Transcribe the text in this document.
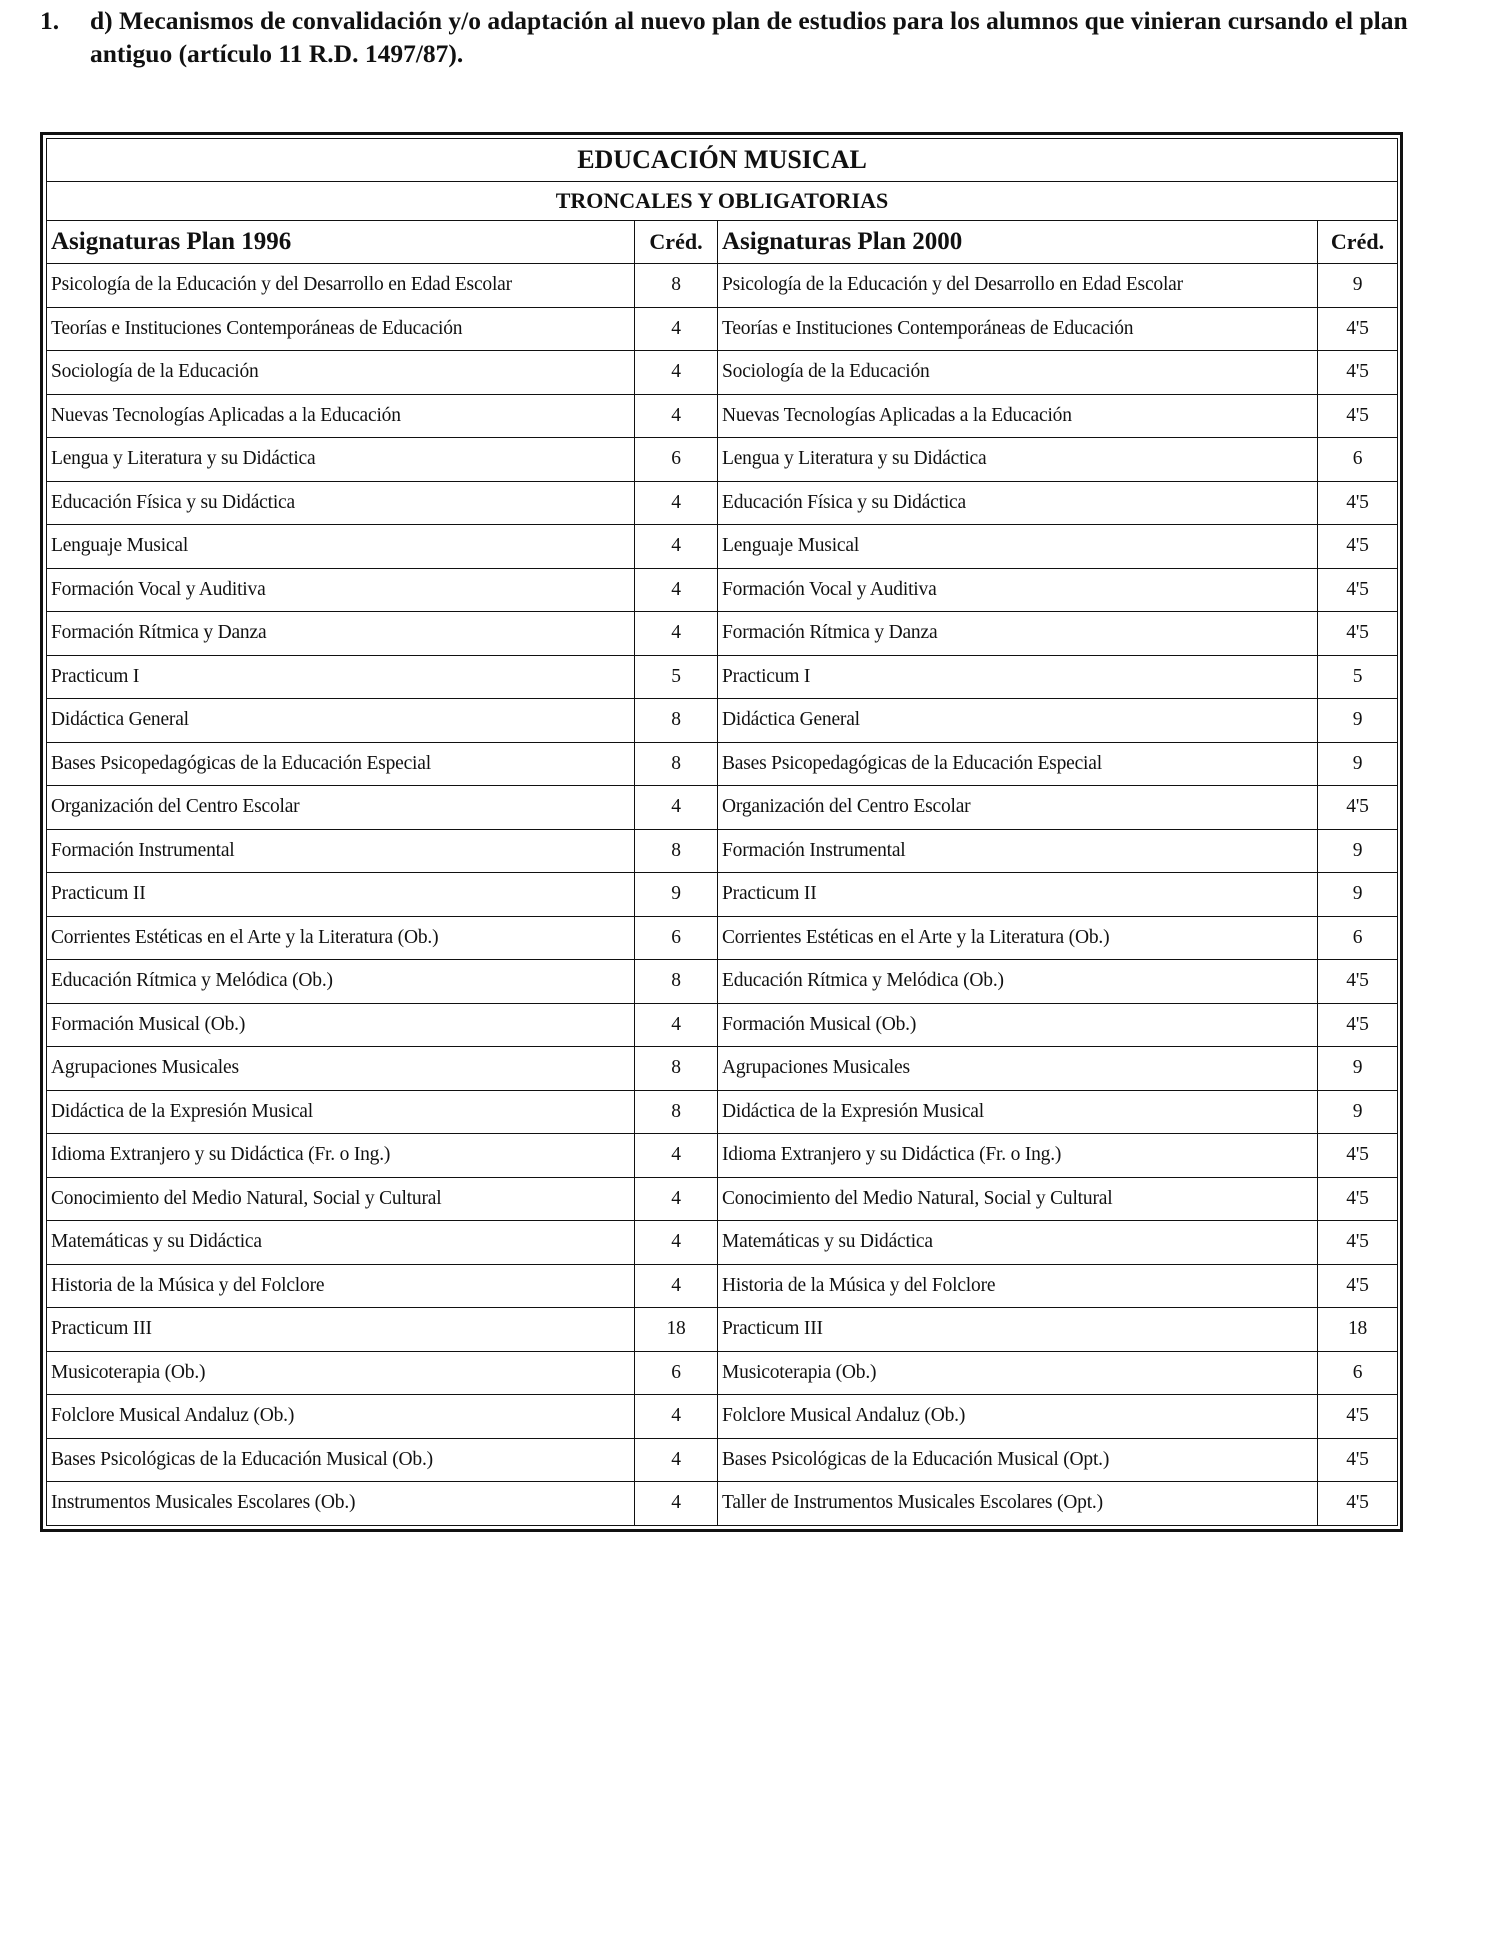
1. d) Mecanismos de convalidación y/o adaptación al nuevo plan de estudios para los alumnos que vinieran cursando el plan antiguo (artículo 11 R.D. 1497/87).
EDUCACIÓN MUSICAL			
TRONCALES Y OBLIGATORIAS			
Asignaturas Plan 1996	Créd.	Asignaturas Plan 2000	Créd.
Psicología de la Educación y del Desarrollo en Edad Escolar	8	Psicología de la Educación y del Desarrollo en Edad Escolar	9
Teorías e Instituciones Contemporáneas de Educación	4	Teorías e Instituciones Contemporáneas de Educación	4'5
Sociología de la Educación	4	Sociología de la Educación	4'5
Nuevas Tecnologías Aplicadas a la Educación	4	Nuevas Tecnologías Aplicadas a la Educación	4'5
Lengua y Literatura y su Didáctica	6	Lengua y Literatura y su Didáctica	6
Educación Física y su Didáctica	4	Educación Física y su Didáctica	4'5
Lenguaje Musical	4	Lenguaje Musical	4'5
Formación Vocal y Auditiva	4	Formación Vocal y Auditiva	4'5
Formación Rítmica y Danza	4	Formación Rítmica y Danza	4'5
Practicum I	5	Practicum I	5
Didáctica General	8	Didáctica General	9
Bases Psicopedagógicas de la Educación Especial	8	Bases Psicopedagógicas de la Educación Especial	9
Organización del Centro Escolar	4	Organización del Centro Escolar	4'5
Formación Instrumental	8	Formación Instrumental	9
Practicum II	9	Practicum II	9
Corrientes Estéticas en el Arte y la Literatura (Ob.)	6	Corrientes Estéticas en el Arte y la Literatura (Ob.)	6
Educación Rítmica y Melódica (Ob.)	8	Educación Rítmica y Melódica (Ob.)	4'5
Formación Musical (Ob.)	4	Formación Musical (Ob.)	4'5
Agrupaciones Musicales	8	Agrupaciones Musicales	9
Didáctica de la Expresión Musical	8	Didáctica de la Expresión Musical	9
Idioma Extranjero y su Didáctica (Fr. o Ing.)	4	Idioma Extranjero y su Didáctica (Fr. o Ing.)	4'5
Conocimiento del Medio Natural, Social y Cultural	4	Conocimiento del Medio Natural, Social y Cultural	4'5
Matemáticas y su Didáctica	4	Matemáticas y su Didáctica	4'5
Historia de la Música y del Folclore	4	Historia de la Música y del Folclore	4'5
Practicum III	18	Practicum III	18
Musicoterapia (Ob.)	6	Musicoterapia (Ob.)	6
Folclore Musical Andaluz (Ob.)	4	Folclore Musical Andaluz (Ob.)	4'5
Bases Psicológicas de la Educación Musical (Ob.)	4	Bases Psicológicas de la Educación Musical (Opt.)	4'5
Instrumentos Musicales Escolares (Ob.)	4	Taller de Instrumentos Musicales Escolares (Opt.)	4'5
